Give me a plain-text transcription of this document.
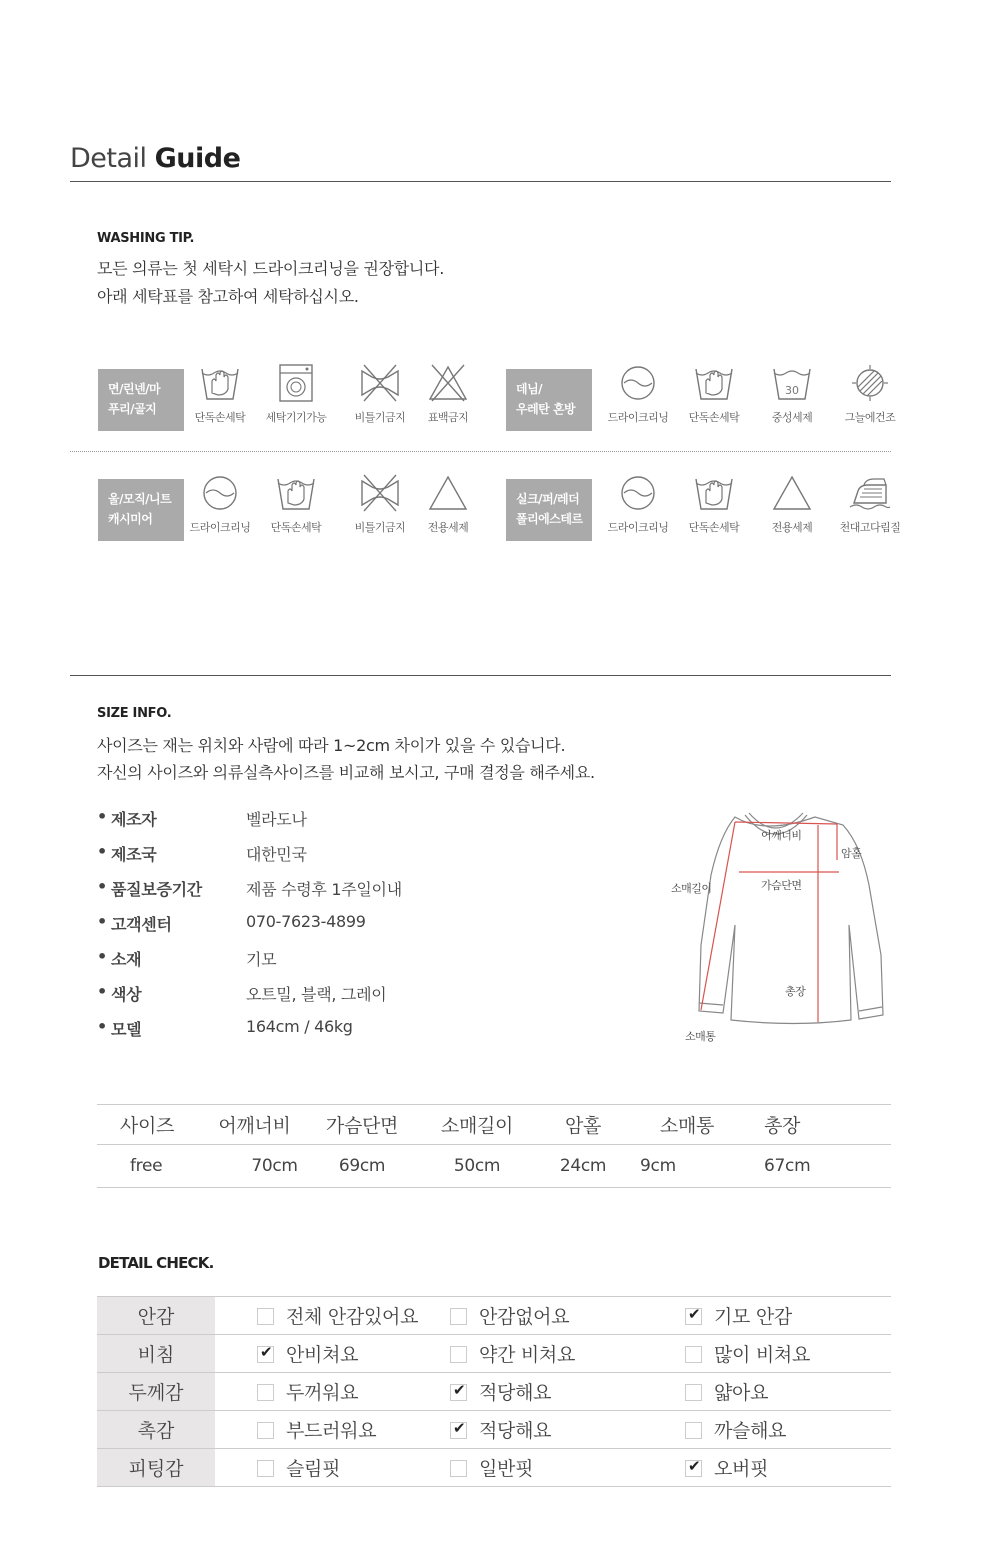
Detail Guide
WASHING TIP.
모든 의류는 첫 세탁시 드라이크리닝을 권장합니다.
아래 세탁표를 참고하여 세탁하십시오.
면/린넨/마
푸리/골지
단독손세탁	세탁기기가능	비틀기금지	표백금지
데님/
우레탄 혼방
드라이크리닝	단독손세탁
30
중성세제	그늘에건조
울/모직/니트
캐시미어
드라이크리닝	단독손세탁	비틀기금지	전용세제
실크/퍼/레더
폴리에스테르
드라이크리닝	단독손세탁	전용세제	천대고다림질
SIZE INFO.
사이즈는 재는 위치와 사람에 따라 1~2cm 차이가 있을 수 있습니다.
자신의 사이즈와 의류실측사이즈를 비교해 보시고, 구매 결정을 해주세요.
• 제조자	벨라도나
• 제조국	대한민국
• 품질보증기간	제품 수령후 1주일이내
• 고객센터	070-7623-4899
• 소재	기모
• 색상	오트밀, 블랙, 그레이
• 모델	164cm / 46kg
어깨너비
암홀
소매길이	가슴단면
총장
소매통
사이즈	어깨너비	가슴단면	소매길이	암홀	소매통	총장
free	70cm	69cm	50cm	24cm	9cm	67cm
DETAIL CHECK.
안감	전체 안감있어요	안감없어요	✔기모 안감
비침	✔안비쳐요	약간 비쳐요	많이 비쳐요
두께감	두꺼워요	✔적당해요	얇아요
촉감	부드러워요	✔적당해요	까슬해요
피팅감	슬림핏	일반핏	✔오버핏
